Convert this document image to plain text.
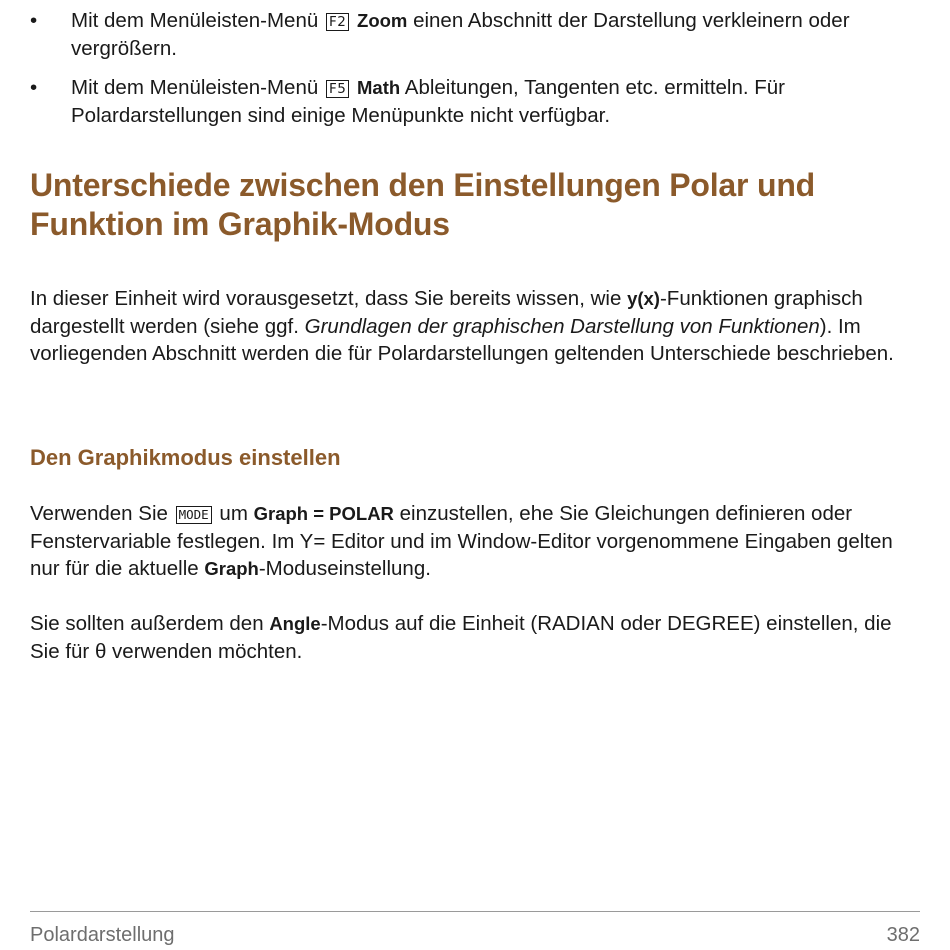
• Mit dem Menüleisten-Menü F2 Zoom einen Abschnitt der Darstellung verkleinern oder vergrößern.
• Mit dem Menüleisten-Menü F5 Math Ableitungen, Tangenten etc. ermitteln. Für Polardarstellungen sind einige Menüpunkte nicht verfügbar.
Unterschiede zwischen den Einstellungen Polar und Funktion im Graphik-Modus
In dieser Einheit wird vorausgesetzt, dass Sie bereits wissen, wie y(x)-Funktionen graphisch dargestellt werden (siehe ggf. Grundlagen der graphischen Darstellung von Funktionen). Im vorliegenden Abschnitt werden die für Polardarstellungen geltenden Unterschiede beschrieben.
Den Graphikmodus einstellen
Verwenden Sie MODE um Graph = POLAR einzustellen, ehe Sie Gleichungen definieren oder Fenstervariable festlegen. Im Y= Editor und im Window-Editor vorgenommene Eingaben gelten nur für die aktuelle Graph-Moduseinstellung.
Sie sollten außerdem den Angle-Modus auf die Einheit (RADIAN oder DEGREE) einstellen, die Sie für θ verwenden möchten.
Polardarstellung	382
